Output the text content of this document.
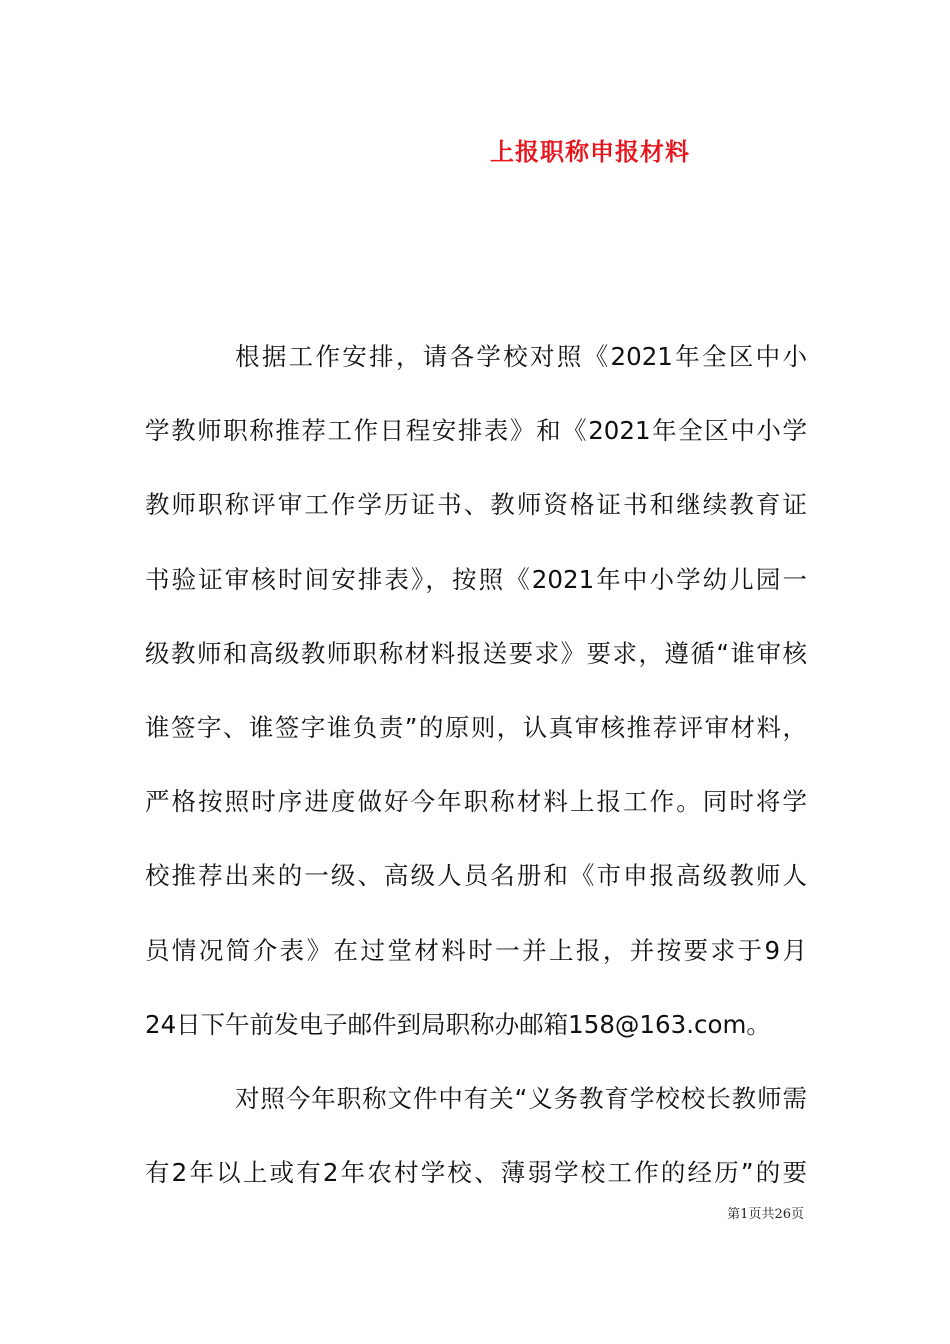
上报职称申报材料
根据工作安排，请各学校对照《2021年全区中小
学教师职称推荐工作日程安排表》和《2021年全区中小学
教师职称评审工作学历证书、教师资格证书和继续教育证
书验证审核时间安排表》，按照《2021年中小学幼儿园一
级教师和高级教师职称材料报送要求》要求，遵循“谁审核
谁签字、谁签字谁负责”的原则，认真审核推荐评审材料，
严格按照时序进度做好今年职称材料上报工作。同时将学
校推荐出来的一级、高级人员名册和《市申报高级教师人
员情况简介表》在过堂材料时一并上报，并按要求于9月
24日下午前发电子邮件到局职称办邮箱158@163.com。
对照今年职称文件中有关“义务教育学校校长教师需
有2年以上或有2年农村学校、薄弱学校工作的经历”的要
第1页共26页
